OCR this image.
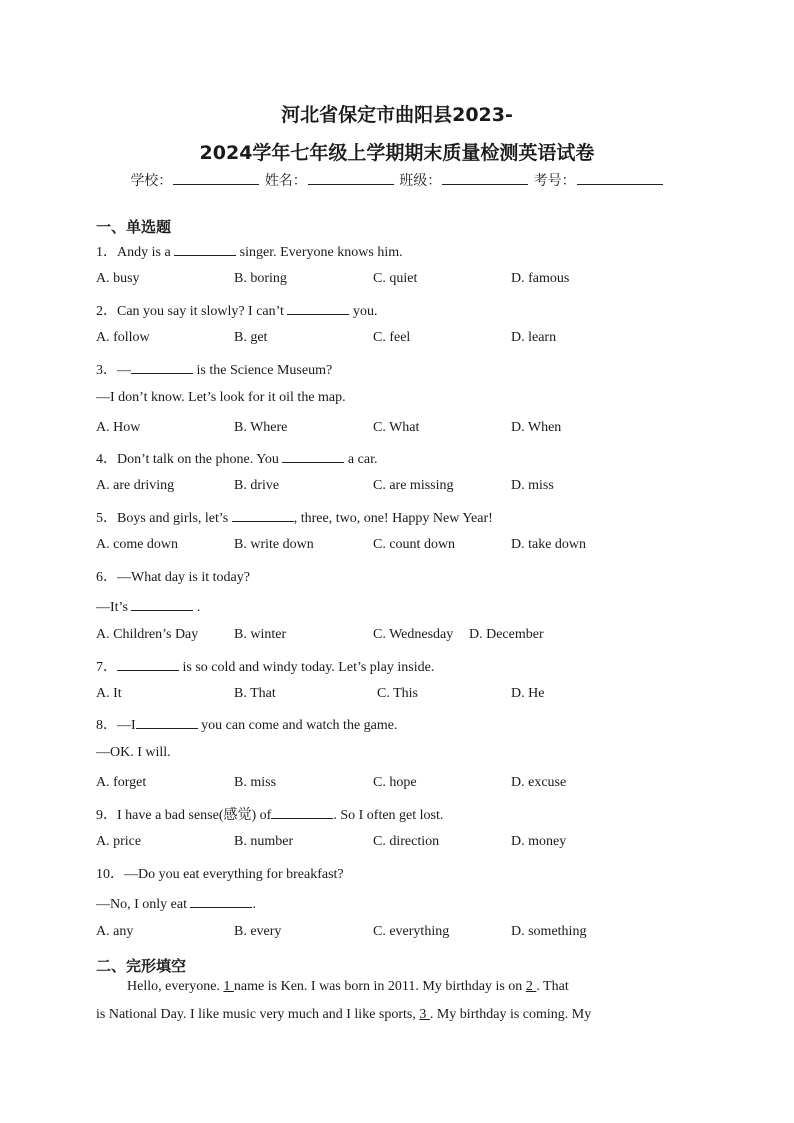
河北省保定市曲阳县2023-
2024学年七年级上学期期末质量检测英语试卷
学校：	姓名：	班级：	考号：
一、单选题
1．Andy is a	singer. Everyone knows him.
A. busy	B. boring	C. quiet	D. famous
2．Can you say it slowly? I can’t	you.
A. follow	B. get	C. feel	D. learn
3．—	is the Science Museum?
—I don’t know. Let’s look for it oil the map.
A. How	B. Where	C. What	D. When
4．Don’t talk on the phone. You	a car.
A. are driving	B. drive	C. are missing	D. miss
5．Boys and girls, let’s	, three, two, one! Happy New Year!
A. come down	B. write down	C. count down	D. take down
6．—What day is it today?
—It’s	.
A. Children’s Day	B. winter	C. Wednesday D. December
7．	is so cold and windy today. Let’s play inside.
A. It	B. That	C. This	D. He
8．—I	you can come and watch the game.
—OK. I will.
A. forget	B. miss	C. hope	D. excuse
9．I have a bad sense(感觉) of	. So I often get lost.
A. price	B. number	C. direction	D. money
10．—Do you eat everything for breakfast?
—No, I only eat	.
A. any	B. every	C. everything	D. something
二、完形填空
Hello, everyone. 1 name is Ken. I was born in 2011. My birthday is on 2 . That
is National Day. I like music very much and I like sports, 3 . My birthday is coming. My
